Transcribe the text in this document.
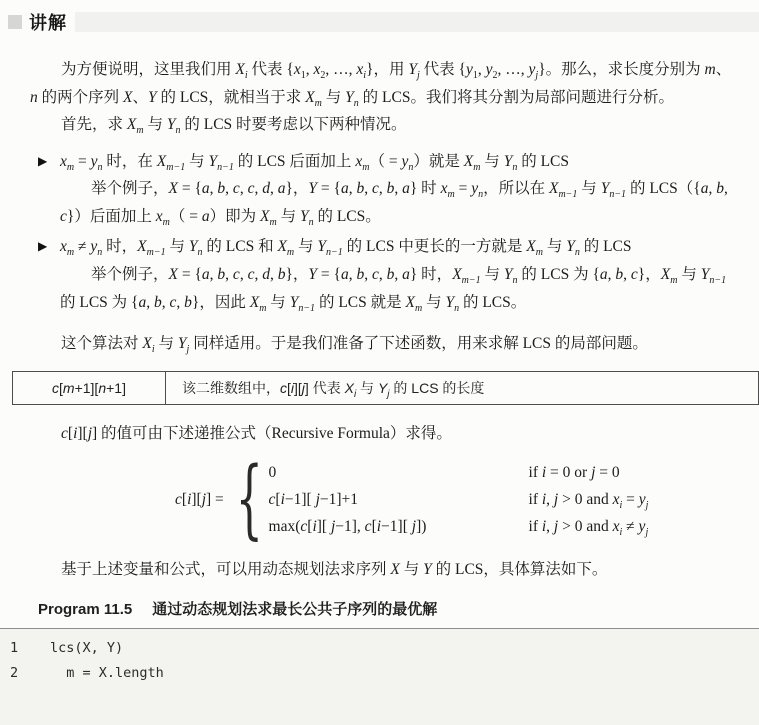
讲解

为方便说明，这里我们用 $X_i$ 代表 {$x_1$, $x_2$, …, $x_i$}，用 $Y_j$ 代表 {$y_1$, $y_2$, …, $y_j$}。那么，求长度分别为 m、n 的两个序列 X、Y 的 LCS，就相当于求 $X_m$ 与 $Y_n$ 的 LCS。我们将其分割为局部问题进行分析。

首先，求 $X_m$ 与 $Y_n$ 的 LCS 时要考虑以下两种情况。

▶ $x_m = y_n$ 时，在 $X_{m-1}$ 与 $Y_{n-1}$ 的 LCS 后面加上 $x_m( = y_n)$就是 $X_m$ 与 $Y_n$ 的 LCS

举个例子，X = {a, b, c, c, d, a}，Y = {a, b, c, b, a} 时 $x_m = y_n$，所以在 $X_{m-1}$ 与 $Y_{n-1}$ 的 LCS（{a, b, c}）后面加上 $x_m( = a)$即为 $X_m$ 与 $Y_n$ 的 LCS。

▶ $x_m \ne y_n$ 时，$X_{m-1}$ 与 $Y_n$ 的 LCS 和 $X_m$ 与 $Y_{n-1}$ 的 LCS 中更长的一方就是 $X_m$ 与 $Y_n$ 的 LCS

举个例子，X = {a, b, c, c, d, b}，Y = {a, b, c, b, a} 时，$X_{m-1}$ 与 $Y_n$ 的 LCS 为 {a, b, c}，$X_m$ 与 $Y_{n-1}$ 的 LCS 为 {a, b, c, b}，因此 $X_m$ 与 $Y_{n-1}$ 的 LCS 就是 $X_m$ 与 $Y_n$ 的 LCS。

这个算法对 $X_i$ 与 $Y_j$ 同样适用。于是我们准备了下述函数，用来求解 LCS 的局部问题。

c[m+1][n+1]	该二维数组中，c[i][j] 代表 $X_i$ 与 $Y_j$ 的 LCS 的长度

c[i][j] 的值可由下述递推公式（Recursive Formula）求得。

c[i][j] = { 0	if i = 0 or j = 0
c[i−1][ j−1]+1	if i, j > 0 and $x_i = y_j$
max(c[i][ j−1], c[i−1][ j])	if i, j > 0 and $x_i \ne y_j$

基于上述变量和公式，可以用动态规划法求序列 X 与 Y 的 LCS，具体算法如下。

Program 11.5 通过动态规划法求最长公共子序列的最优解
1	lcs(X, Y)
2	m = X.length
